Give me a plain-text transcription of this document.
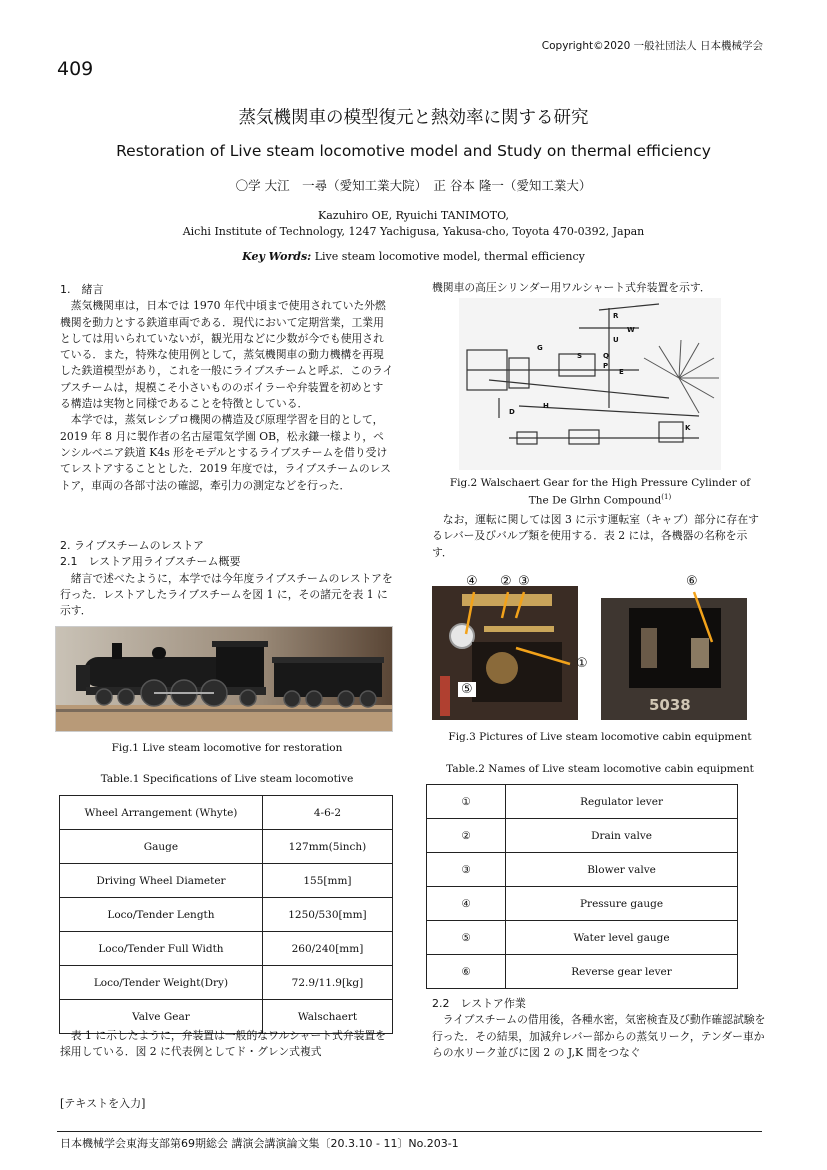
Copyright©2020 一般社団法人 日本機械学会
409
蒸気機関車の模型復元と熱効率に関する研究
Restoration of Live steam locomotive model and Study on thermal efficiency
〇学 大江　一尋（愛知工業大院）　正 谷本 隆一（愛知工業大）
Kazuhiro OE, Ryuichi TANIMOTO,
Aichi Institute of Technology, 1247 Yachigusa, Yakusa-cho, Toyota 470-0392, Japan
Key Words: Live steam locomotive model, thermal efficiency

1.　緒言

蒸気機関車は，日本では 1970 年代中頃まで使用されていた外燃機関を動力とする鉄道車両である．現代において定期営業，工業用としては用いられていないが，観光用などに少数が今でも使用されている．また，特殊な使用例として，蒸気機関車の動力機構を再現した鉄道模型があり，これを一般にライブスチームと呼ぶ．このライブスチームは，規模こそ小さいもののボイラーや弁装置を初めとする構造は実物と同様であることを特徴としている．

本学では，蒸気レシプロ機関の構造及び原理学習を目的として，2019 年 8 月に製作者の名古屋電気学園 OB，松永鎌一様より，ペンシルベニア鉄道 K4s 形をモデルとするライブスチームを借り受けてレストアすることとした．2019 年度では，ライブスチームのレストア，車両の各部寸法の確認，牽引力の測定などを行った．

2. ライブスチームのレストア

2.1　レストア用ライブスチーム概要

緒言で述べたように，本学では今年度ライブスチームのレストアを行った．レストアしたライブスチームを図 1 に，その諸元を表 1 に示す．

Fig.1 Live steam locomotive for restoration
Table.1 Specifications of Live steam locomotive
Wheel Arrangement (Whyte)	4-6-2
Gauge	127mm(5inch)
Driving Wheel Diameter	155[mm]
Loco/Tender Length	1250/530[mm]
Loco/Tender Full Width	260/240[mm]
Loco/Tender Weight(Dry)	72.9/11.9[kg]
Valve Gear	Walschaert

表 1 に示したように，弁装置は一般的なワルシャート式弁装置を採用している．図 2 に代表例としてド・グレン式複式

機関車の高圧シリンダー用ワルシャート式弁装置を示す．

U
W
R
G
S	Q
E
P
D
H
K
Fig.2 Walschaert Gear for the High Pressure Cylinder of
The De Glrhn Compound$^{(1)}$

なお，運転に関しては図 3 に示す運転室（キャブ）部分に存在するレバー及びバルブ類を使用する．表 2 には，各機器の名称を示す．

5038
④ ② ③
①
⑤
⑥
Fig.3 Pictures of Live steam locomotive cabin equipment
Table.2 Names of Live steam locomotive cabin equipment
①	Regulator lever
②	Drain valve
③	Blower valve
④	Pressure gauge
⑤	Water level gauge
⑥	Reverse gear lever

2.2　レストア作業

ライブスチームの借用後，各種水密，気密検査及び動作確認試験を行った．その結果，加減弁レバー部からの蒸気リーク，テンダー車からの水リーク並びに図 2 の J,K 間をつなぐ

[テキストを入力]
日本機械学会東海支部第69期総会 講演会講演論文集〔20.3.10 - 11〕No.203-1
